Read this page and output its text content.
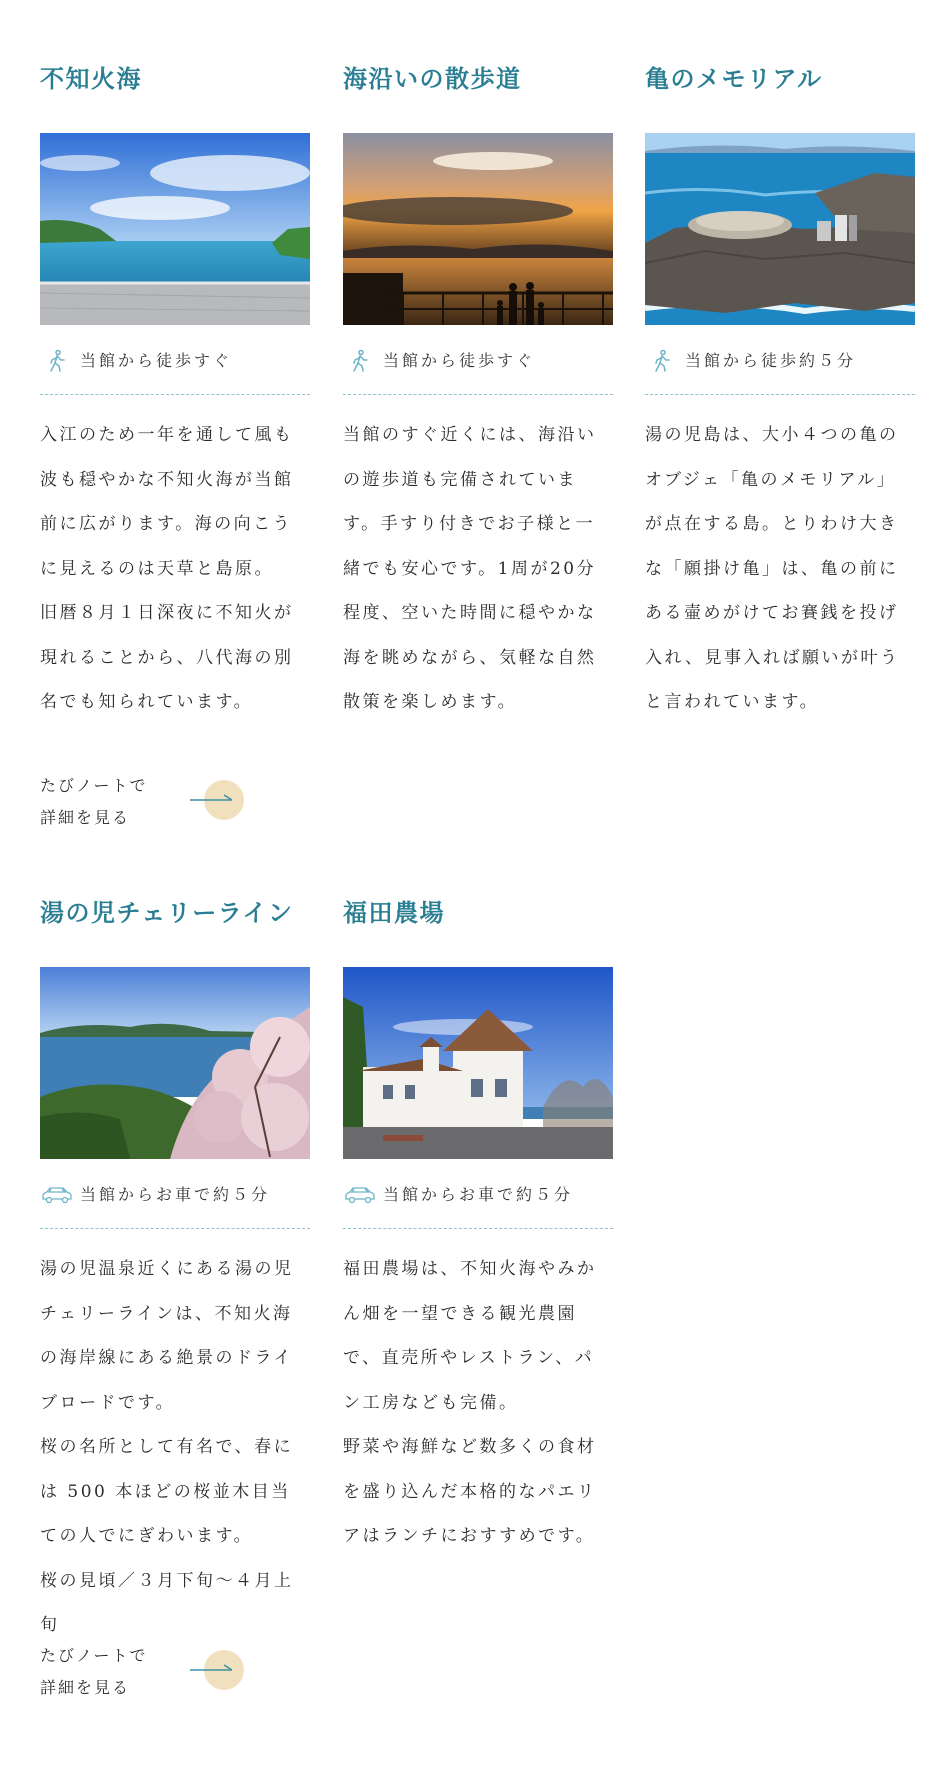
不知火海
当館から徒歩すぐ

入江のため一年を通して風も波も穏やかな不知火海が当館前に広がります。海の向こうに見えるのは天草と島原。

旧暦８月１日深夜に不知火が現れることから、八代海の別名でも知られています。

海沿いの散歩道
当館から徒歩すぐ

当館のすぐ近くには、海沿いの遊歩道も完備されています。手すり付きでお子様と一緒でも安心です。1周が20分程度、空いた時間に穏やかな海を眺めながら、気軽な自然散策を楽しめます。

亀のメモリアル
当館から徒歩約５分

湯の児島は、大小４つの亀のオブジェ「亀のメモリアル」が点在する島。とりわけ大きな「願掛け亀」は、亀の前にある壷めがけてお賽銭を投げ入れ、見事入れば願いが叶うと言われています。

たびノートで
詳細を見る
湯の児チェリーライン
当館からお車で約５分

湯の児温泉近くにある湯の児チェリーラインは、不知火海の海岸線にある絶景のドライブロードです。

桜の名所として有名で、春には 500 本ほどの桜並木目当ての人でにぎわいます。

桜の見頃／３月下旬～４月上旬

福田農場
当館からお車で約５分

福田農場は、不知火海やみかん畑を一望できる観光農園で、直売所やレストラン、パン工房なども完備。

野菜や海鮮など数多くの食材を盛り込んだ本格的なパエリアはランチにおすすめです。

たびノートで
詳細を見る
